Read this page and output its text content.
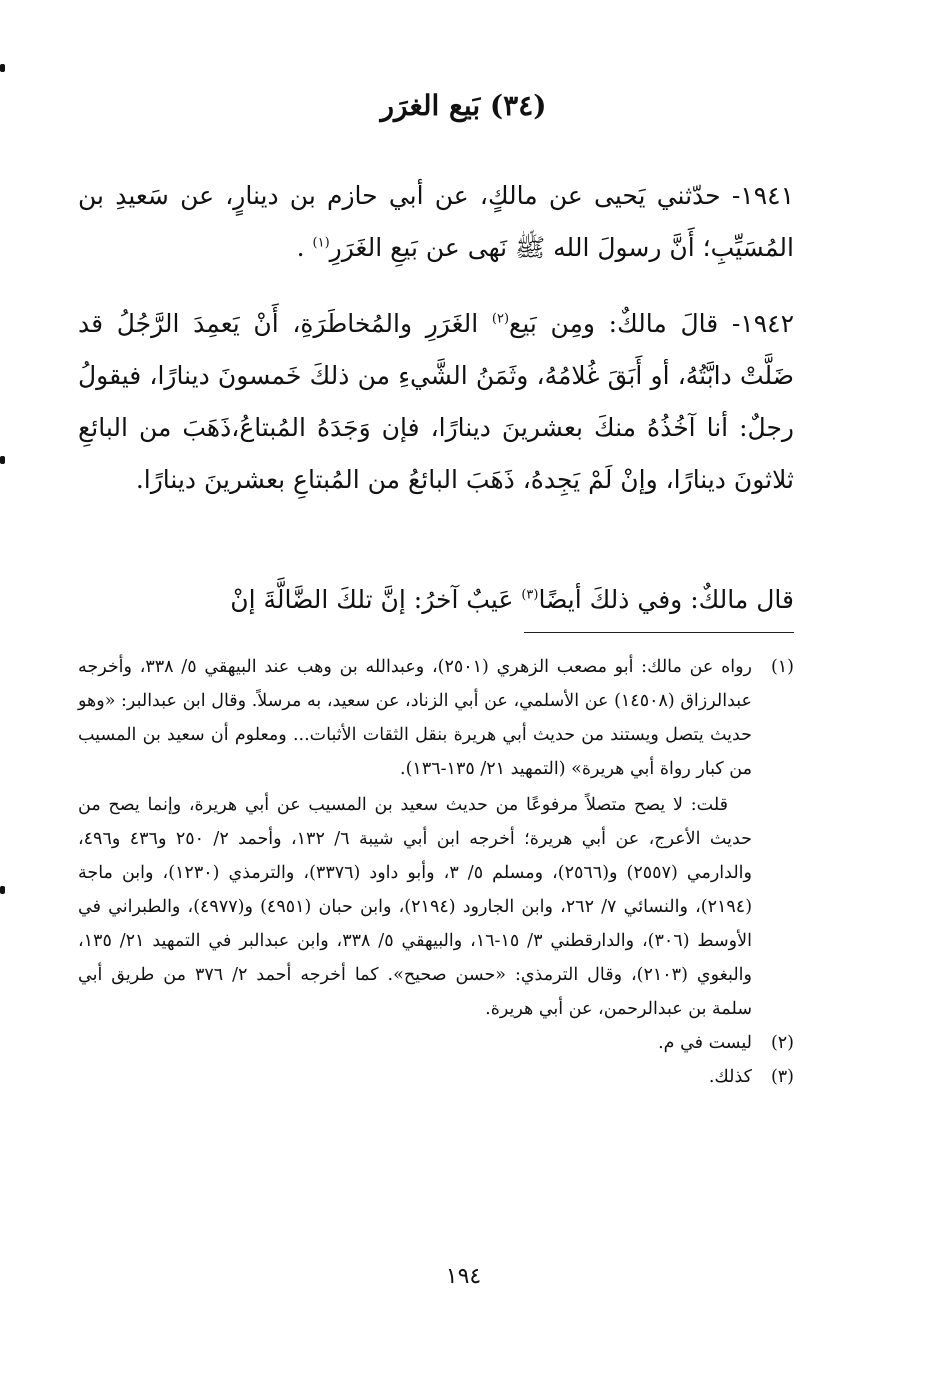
(٣٤) بَيع الغرَر
١٩٤١- حدّثني يَحيى عن مالكٍ، عن أبي حازم بن دينارٍ، عن سَعيدِ بن المُسَيِّبِ؛ أَنَّ رسولَ الله ﷺ نَهى عن بَيعِ الغَرَرِ$^{(١)}$ .
١٩٤٢- قالَ مالكٌ: ومِن بَيع$^{(٢)}$ الغَرَرِ والمُخاطَرَةِ، أَنْ يَعمِدَ الرَّجُلُ قد ضَلَّتْ دابَّتُهُ، أو أَبَقَ غُلامُهُ، وثَمَنُ الشَّيءِ من ذلكَ خَمسونَ دينارًا، فيقولُ رجلٌ: أنا آخُذُهُ منكَ بعشرينَ دينارًا، فإن وَجَدَهُ المُبتاعُ،ذَهَبَ من البائعِ ثلاثونَ دينارًا، وإنْ لَمْ يَجِدهُ، ذَهَبَ البائعُ من المُبتاعِ بعشرينَ دينارًا.
قال مالكٌ: وفي ذلكَ أيضًا$^{(٣)}$ عَيبٌ آخرُ: إنَّ تلكَ الضَّالَّةَ إنْ
(١)
رواه عن مالك: أبو مصعب الزهري (٢٥٠١)، وعبدالله بن وهب عند البيهقي ٥/ ٣٣٨، وأخرجه عبدالرزاق (١٤٥٠٨) عن الأسلمي، عن أبي الزناد، عن سعيد، به مرسلاً. وقال ابن عبدالبر: «وهو حديث يتصل ويستند من حديث أبي هريرة بنقل الثقات الأثبات... ومعلوم أن سعيد بن المسيب من كبار رواة أبي هريرة» (التمهيد ٢١/ ١٣٥-١٣٦).
قلت: لا يصح متصلاً مرفوعًا من حديث سعيد بن المسيب عن أبي هريرة، وإنما يصح من حديث الأعرج، عن أبي هريرة؛ أخرجه ابن أبي شيبة ٦/ ١٣٢، وأحمد ٢/ ٢٥٠ و٤٣٦ و٤٩٦، والدارمي (٢٥٥٧) و(٢٥٦٦)، ومسلم ٥/ ٣، وأبو داود (٣٣٧٦)، والترمذي (١٢٣٠)، وابن ماجة (٢١٩٤)، والنسائي ٧/ ٢٦٢، وابن الجارود (٢١٩٤)، وابن حبان (٤٩٥١) و(٤٩٧٧)، والطبراني في الأوسط (٣٠٦)، والدارقطني ٣/ ١٥-١٦، والبيهقي ٥/ ٣٣٨، وابن عبدالبر في التمهيد ٢١/ ١٣٥، والبغوي (٢١٠٣)، وقال الترمذي: «حسن صحيح». كما أخرجه أحمد ٢/ ٣٧٦ من طريق أبي سلمة بن عبدالرحمن، عن أبي هريرة.
(٢)
ليست في م.
(٣)
كذلك.
١٩٤
